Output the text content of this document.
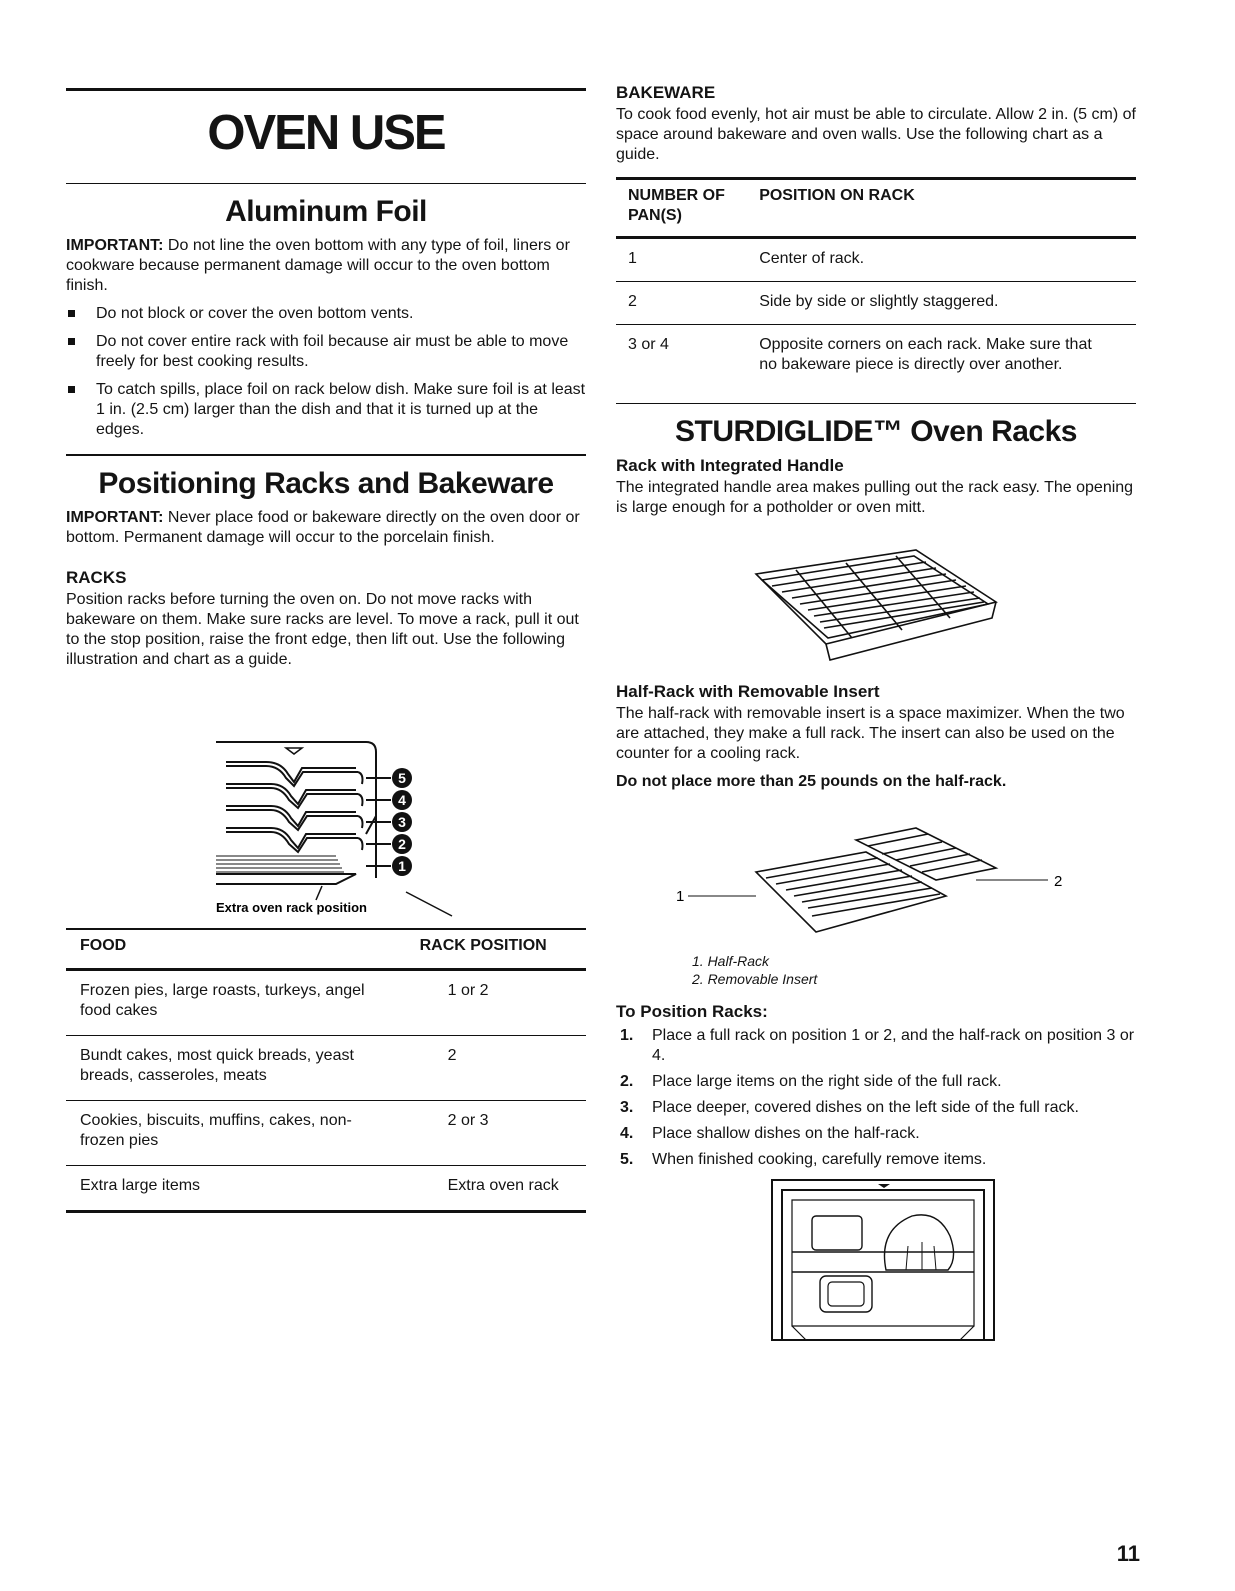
OVEN USE
Aluminum Foil

IMPORTANT: Do not line the oven bottom with any type of foil, liners or cookware because permanent damage will occur to the oven bottom finish.

Do not block or cover the oven bottom vents.
Do not cover entire rack with foil because air must be able to move freely for best cooking results.
To catch spills, place foil on rack below dish. Make sure foil is at least 1 in. (2.5 cm) larger than the dish and that it is turned up at the edges.
Positioning Racks and Bakeware

IMPORTANT: Never place food or bakeware directly on the oven door or bottom. Permanent damage will occur to the porcelain finish.

RACKS

Position racks before turning the oven on. Do not move racks with bakeware on them. Make sure racks are level. To move a rack, pull it out to the stop position, raise the front edge, then lift out. Use the following illustration and chart as a guide.

5
4
3
2
1
Extra oven rack position
FOOD	RACK POSITION
Frozen pies, large roasts, turkeys, angel food cakes	1 or 2
Bundt cakes, most quick breads, yeast breads, casseroles, meats	2
Cookies, biscuits, muffins, cakes, non-frozen pies	2 or 3
Extra large items	Extra oven rack
BAKEWARE

To cook food evenly, hot air must be able to circulate. Allow 2 in. (5 cm) of space around bakeware and oven walls. Use the following chart as a guide.

NUMBER OF PAN(S)	POSITION ON RACK
1	Center of rack.
2	Side by side or slightly staggered.
3 or 4	Opposite corners on each rack. Make sure that no bakeware piece is directly over another.
STURDIGLIDE™ Oven Racks
Rack with Integrated Handle

The integrated handle area makes pulling out the rack easy. The opening is large enough for a potholder or oven mitt.

Half-Rack with Removable Insert

The half-rack with removable insert is a space maximizer. When the two are attached, they make a full rack. The insert can also be used on the counter for a cooling rack.

Do not place more than 25 pounds on the half-rack.

1
2
1. Half-Rack
2. Removable Insert
To Position Racks:
1. Place a full rack on position 1 or 2, and the half-rack on position 3 or 4.
2. Place large items on the right side of the full rack.
3. Place deeper, covered dishes on the left side of the full rack.
4. Place shallow dishes on the half-rack.
5. When finished cooking, carefully remove items.
11
